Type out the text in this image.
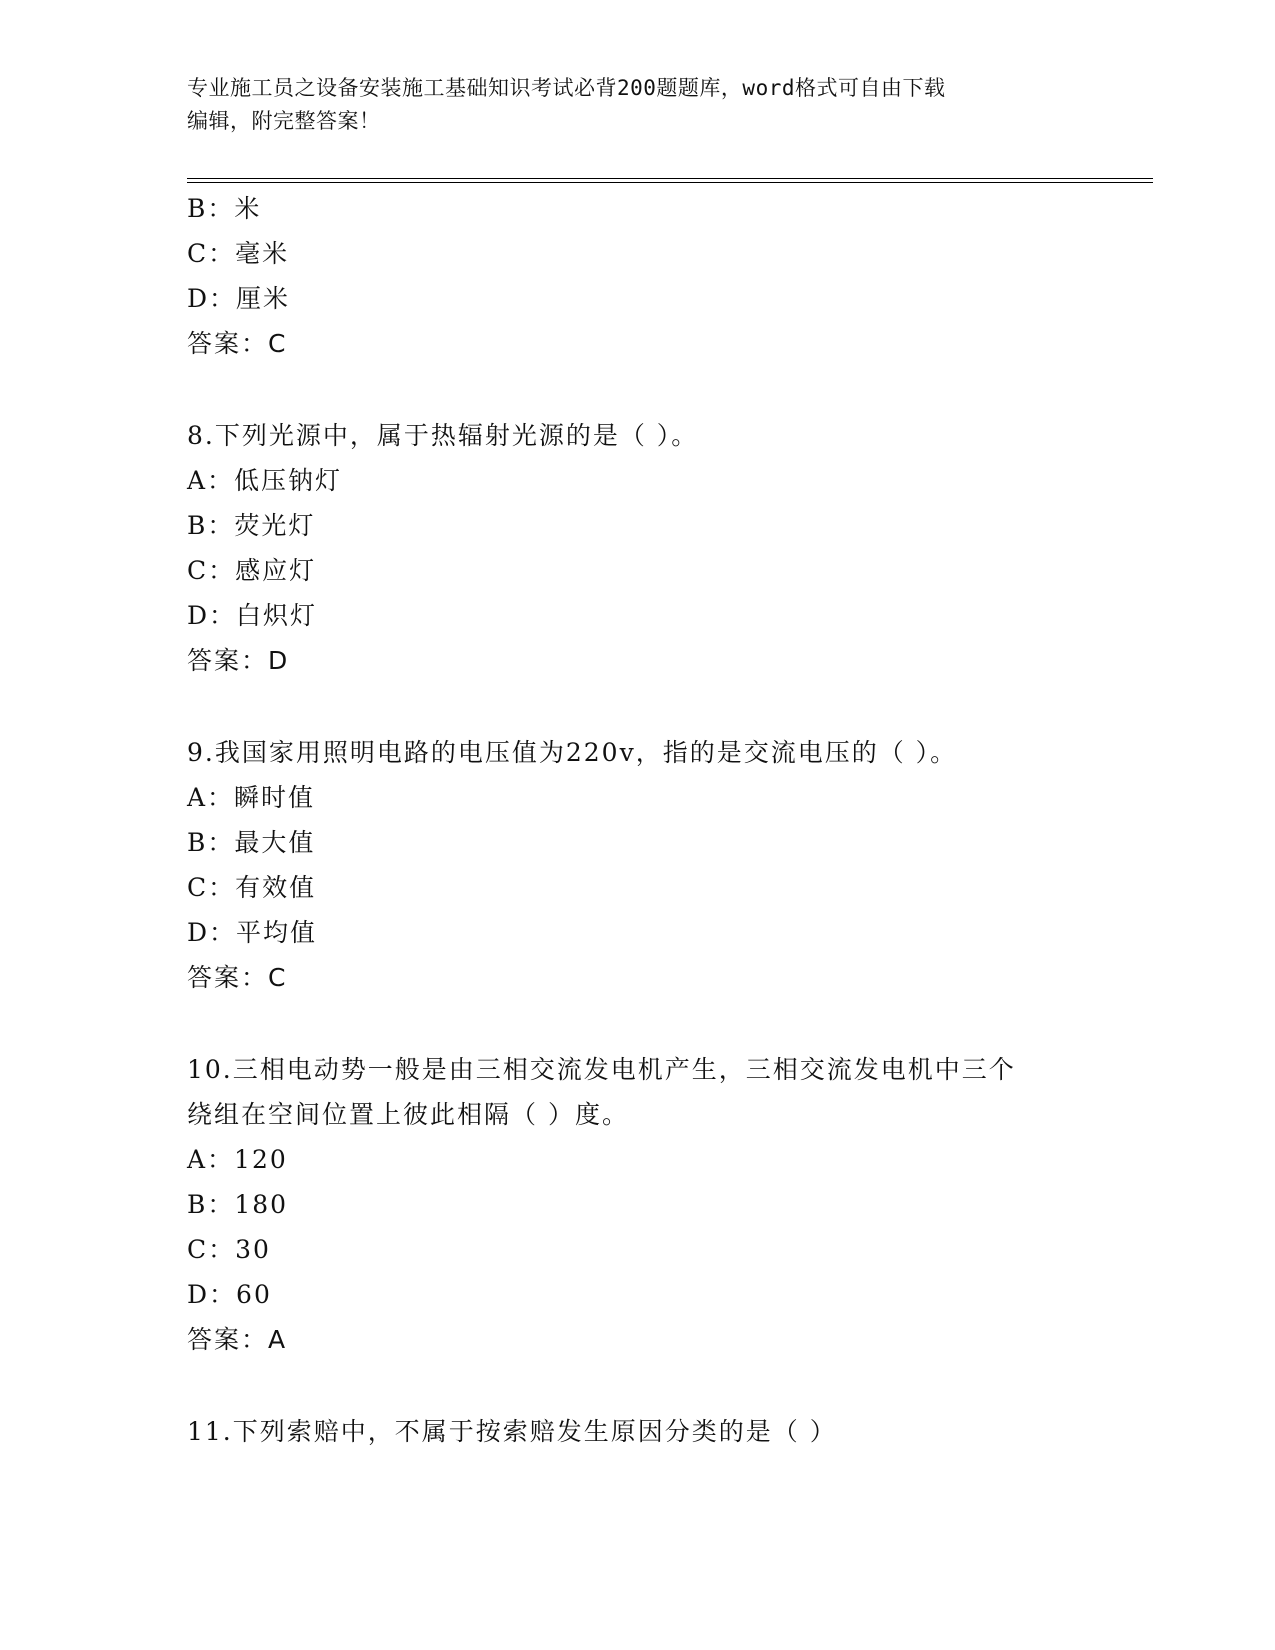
专业施工员之设备安装施工基础知识考试必背200题题库，word格式可自由下载
编辑，附完整答案！
B：米
C：毫米
D：厘米
答案：C
8.下列光源中，属于热辐射光源的是（ ）。
A：低压钠灯
B：荧光灯
C：感应灯
D：白炽灯
答案：D
9.我国家用照明电路的电压值为220v，指的是交流电压的（ ）。
A：瞬时值
B：最大值
C：有效值
D：平均值
答案：C
10.三相电动势一般是由三相交流发电机产生，三相交流发电机中三个
绕组在空间位置上彼此相隔（ ）度。
A：120
B：180
C：30
D：60
答案：A
11.下列索赔中，不属于按索赔发生原因分类的是（ ）
